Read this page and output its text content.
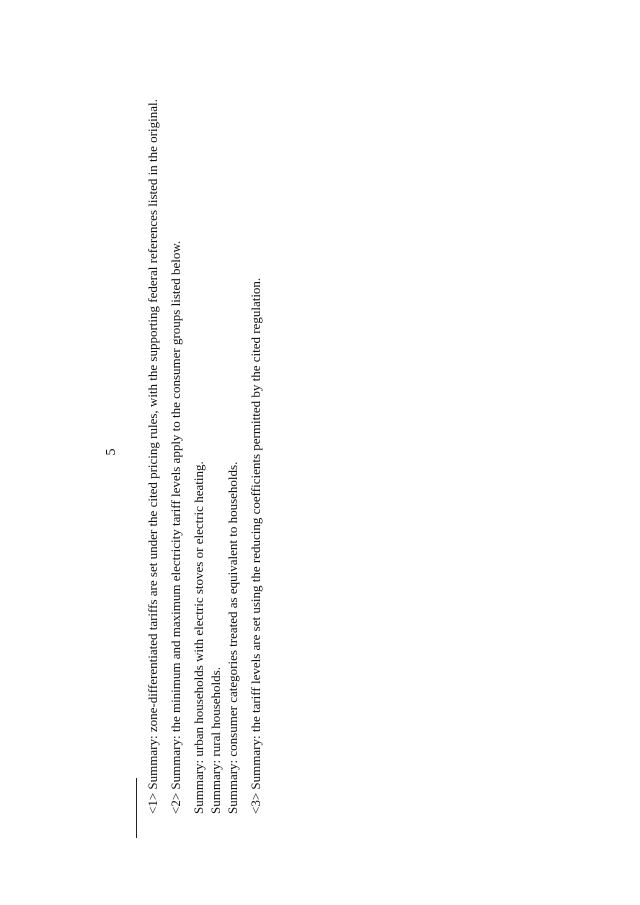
5 <1> Summary: zone-differentiated tariffs are set under the cited pricing rules, with the supporting federal references listed in the original. <2> Summary: the minimum and maximum electricity tariff levels apply to the consumer groups listed below. Summary: urban households with electric stoves or electric heating. Summary: rural households. Summary: consumer categories treated as equivalent to households. <3> Summary: the tariff levels are set using the reducing coefficients permitted by the cited regulation.
